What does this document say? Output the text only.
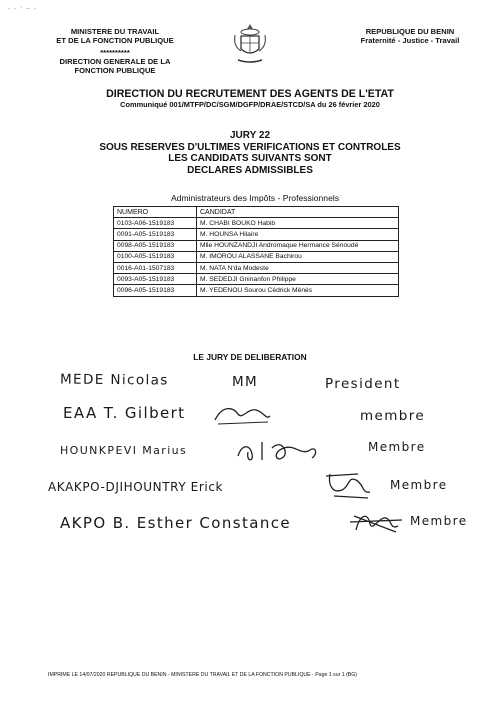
- - ' ~ -
MINISTERE DU TRAVAIL
ET DE LA FONCTION PUBLIQUE
**********
DIRECTION GENERALE DE LA
FONCTION PUBLIQUE
REPUBLIQUE DU BENIN
Fraternité - Justice - Travail
DIRECTION DU RECRUTEMENT DES AGENTS DE L'ETAT
Communiqué 001/MTFP/DC/SGM/DGFP/DRAE/STCD/SA du 26 février 2020
JURY 22
SOUS RESERVES D'ULTIMES VERIFICATIONS ET CONTROLES
LES CANDIDATS SUIVANTS SONT
DECLARES ADMISSIBLES
Administrateurs des Impôts - Professionnels
NUMERO	CANDIDAT
0103-A06-1519183	M. CHABI BOUKO Habib
0091-A05-1519183	M. HOUNSA Hilaire
0098-A05-1519183	Mlle HOUNZANDJI Andromaque Hermance Sénoudé
0100-A05-1519183	M. IMOROU ALASSANE Bachirou
0016-A01-1507183	M. NATA N'da Modeste
0093-A05-1519183	M. SEDEDJI Gninanfon Philippe
0096-A05-1519183	M. YEDENOU Sourou Cédrick Mènès
LE JURY DE DELIBERATION
MEDE Nicolas	MM	President
EAA T. Gilbert	membre
HOUNKPEVI Marius	Membre
AKAKPO-DJIHOUNTRY Erick	Membre
AKPO B. Esther Constance	Membre
IMPRIME LE 14/07/2020 REPUBLIQUE DU BENIN - MINISTERE DU TRAVAIL ET DE LA FONCTION PUBLIQUE - Page 1 sur 1 (BG)
